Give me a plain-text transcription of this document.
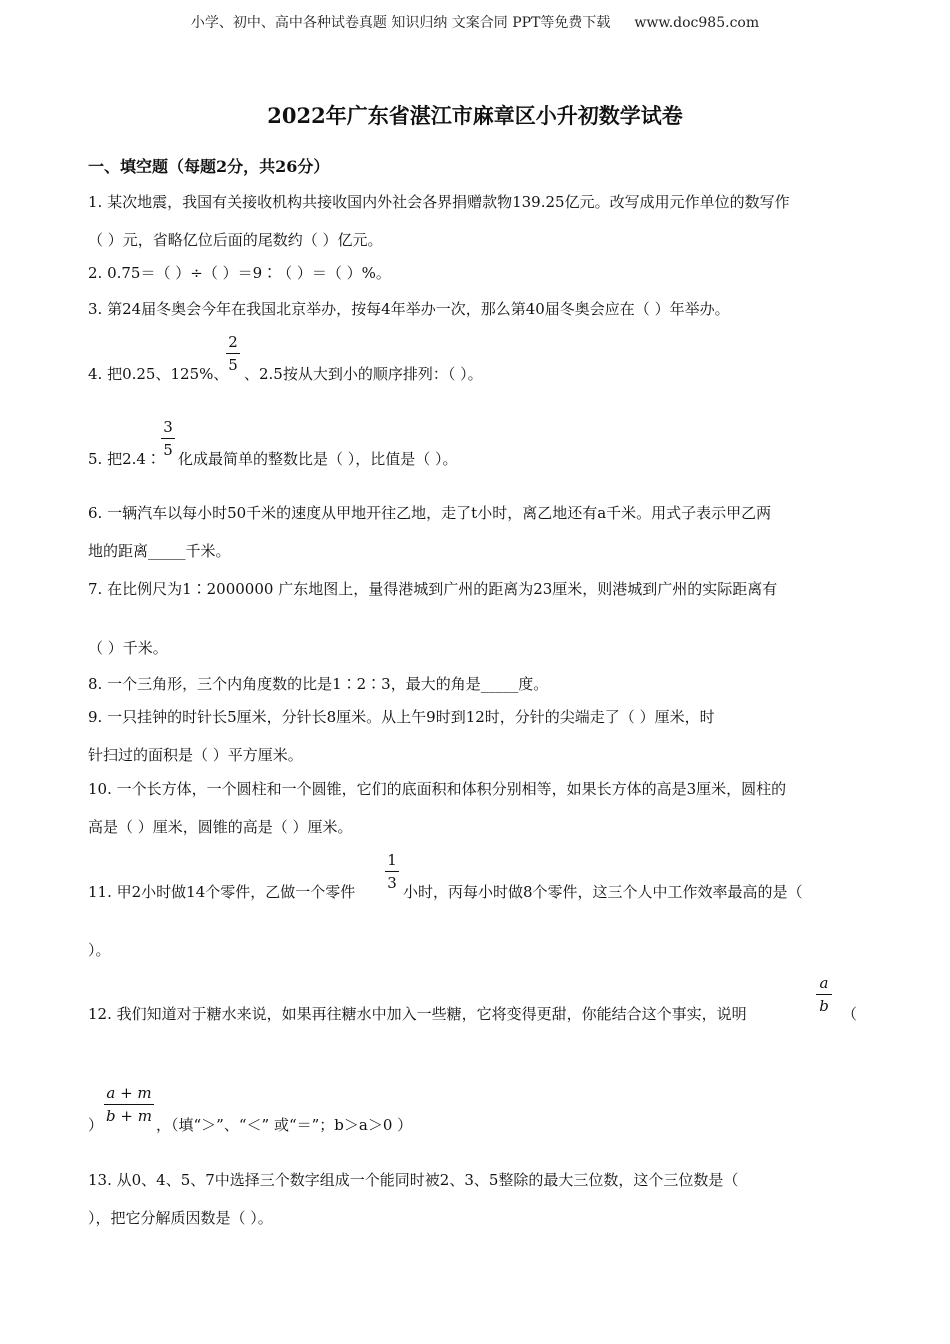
小学、初中、高中各种试卷真题 知识归纳 文案合同 PPT等免费下载 www.doc985.com
2022年广东省湛江市麻章区小升初数学试卷
一、填空题（每题2分，共26分）
1. 某次地震，我国有关接收机构共接收国内外社会各界捐赠款物139.25亿元。改写成用元作单位的数写作
（ ）元，省略亿位后面的尾数约（ ）亿元。
2. 0.75＝（ ）÷（ ）＝9∶（ ）＝（ ）%。
3. 第24届冬奥会今年在我国北京举办，按每4年举办一次，那么第40届冬奥会应在（ ）年举办。
4. 把0.25、125%、
2
5 、2.5按从大到小的顺序排列：（ ）。
5. 把2.4∶
3
5 化成最简单的整数比是（ ），比值是（ ）。
6. 一辆汽车以每小时50千米的速度从甲地开往乙地，走了t小时，离乙地还有a千米。用式子表示甲乙两
地的距离_____千米。
7. 在比例尺为1∶2000000 广东地图上，量得港城到广州的距离为23厘米，则港城到广州的实际距离有
（ ）千米。
8. 一个三角形，三个内角度数的比是1∶2∶3，最大的角是_____度。
9. 一只挂钟的时针长5厘米，分针长8厘米。从上午9时到12时，分针的尖端走了（ ）厘米，时
针扫过的面积是（ ）平方厘米。
10. 一个长方体，一个圆柱和一个圆锥，它们的底面积和体积分别相等，如果长方体的高是3厘米，圆柱的
高是（ ）厘米，圆锥的高是（ ）厘米。
11. 甲2小时做14个零件，乙做一个零件
1
3 小时，丙每小时做8个零件，这三个人中工作效率最高的是（
）。
12. 我们知道对于糖水来说，如果再往糖水中加入一些糖，它将变得更甜，你能结合这个事实，说明
a
b （
）
a + m
b + m ，（填“＞”、“＜” 或“＝”；b＞a＞0 ）
13. 从0、4、5、7中选择三个数字组成一个能同时被2、3、5整除的最大三位数，这个三位数是（
），把它分解质因数是（ ）。
